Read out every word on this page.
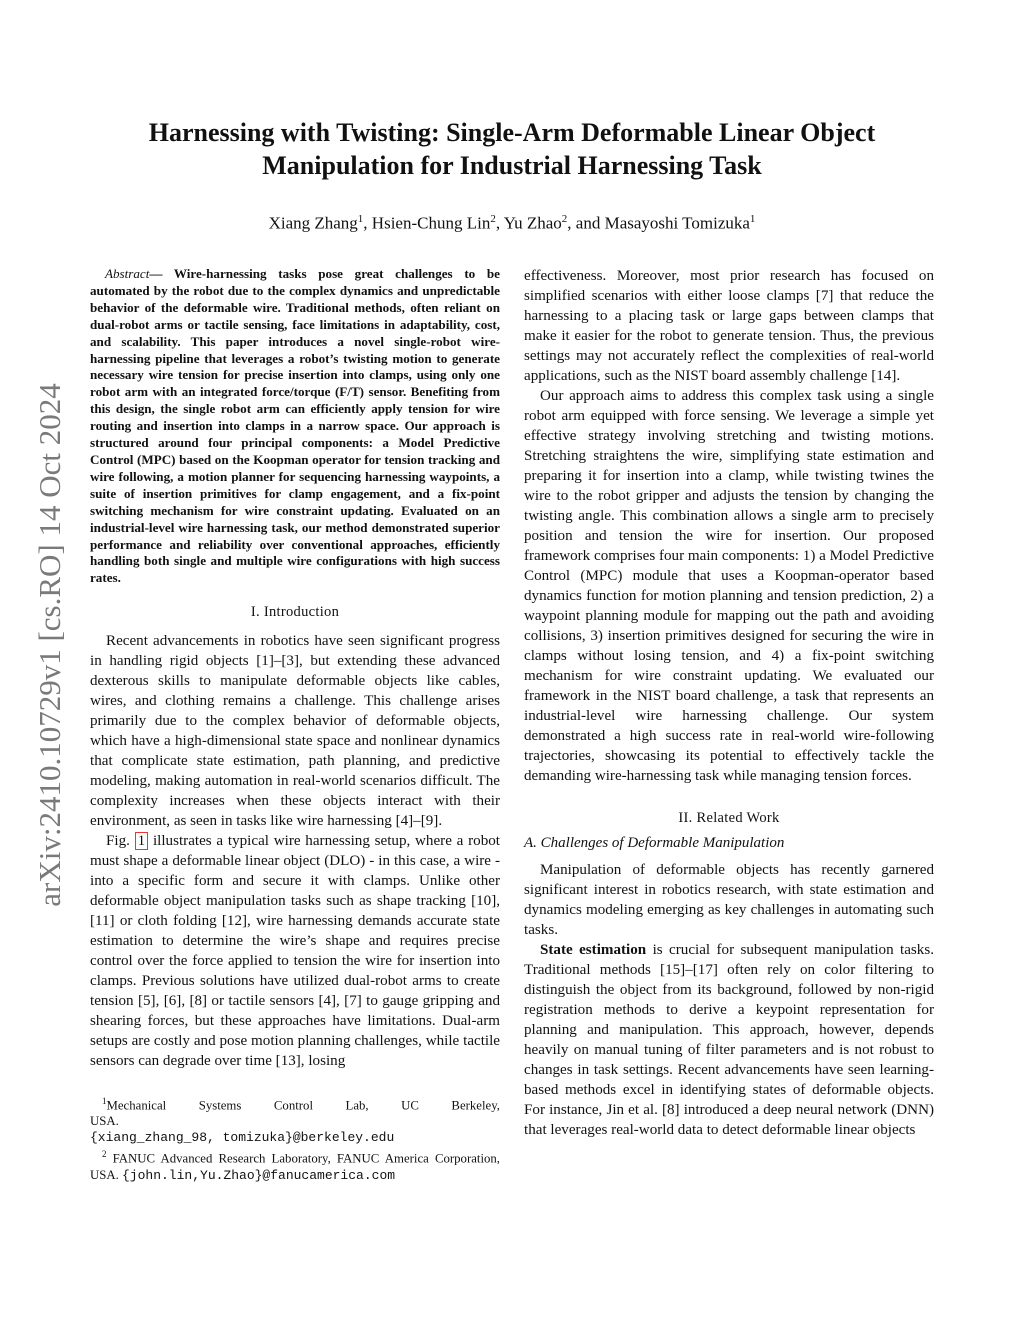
arXiv:2410.10729v1 [cs.RO] 14 Oct 2024
Harnessing with Twisting: Single-Arm Deformable Linear Object
Manipulation for Industrial Harnessing Task
Xiang Zhang$^1$, Hsien-Chung Lin$^2$, Yu Zhao$^2$, and Masayoshi Tomizuka$^1$

Abstract— Wire-harnessing tasks pose great challenges to be automated by the robot due to the complex dynamics and unpredictable behavior of the deformable wire. Traditional methods, often reliant on dual-robot arms or tactile sensing, face limitations in adaptability, cost, and scalability. This paper introduces a novel single-robot wire-harnessing pipeline that leverages a robot’s twisting motion to generate necessary wire tension for precise insertion into clamps, using only one robot arm with an integrated force/torque (F/T) sensor. Benefiting from this design, the single robot arm can efficiently apply tension for wire routing and insertion into clamps in a narrow space. Our approach is structured around four principal components: a Model Predictive Control (MPC) based on the Koopman operator for tension tracking and wire following, a motion planner for sequencing harnessing waypoints, a suite of insertion primitives for clamp engagement, and a fix-point switching mechanism for wire constraint updating. Evaluated on an industrial-level wire harnessing task, our method demonstrated superior performance and reliability over conventional approaches, efficiently handling both single and multiple wire configurations with high success rates.

I. Introduction

Recent advancements in robotics have seen significant progress in handling rigid objects [1]–[3], but extending these advanced dexterous skills to manipulate deformable objects like cables, wires, and clothing remains a challenge. This challenge arises primarily due to the complex behavior of deformable objects, which have a high-dimensional state space and nonlinear dynamics that complicate state estimation, path planning, and predictive modeling, making automation in real-world scenarios difficult. The complexity increases when these objects interact with their environment, as seen in tasks like wire harnessing [4]–[9].

Fig. 1 illustrates a typical wire harnessing setup, where a robot must shape a deformable linear object (DLO) - in this case, a wire - into a specific form and secure it with clamps. Unlike other deformable object manipulation tasks such as shape tracking [10], [11] or cloth folding [12], wire harnessing demands accurate state estimation to determine the wire’s shape and requires precise control over the force applied to tension the wire for insertion into clamps. Previous solutions have utilized dual-robot arms to create tension [5], [6], [8] or tactile sensors [4], [7] to gauge gripping and shearing forces, but these approaches have limitations. Dual-arm setups are costly and pose motion planning challenges, while tactile sensors can degrade over time [13], losing

$^1$Mechanical Systems Control Lab, UC Berkeley, USA.
{xiang_zhang_98, tomizuka}@berkeley.edu

$^2$ FANUC Advanced Research Laboratory, FANUC America Corporation, USA. {john.lin,Yu.Zhao}@fanucamerica.com

effectiveness. Moreover, most prior research has focused on simplified scenarios with either loose clamps [7] that reduce the harnessing to a placing task or large gaps between clamps that make it easier for the robot to generate tension. Thus, the previous settings may not accurately reflect the complexities of real-world applications, such as the NIST board assembly challenge [14].

Our approach aims to address this complex task using a single robot arm equipped with force sensing. We leverage a simple yet effective strategy involving stretching and twisting motions. Stretching straightens the wire, simplifying state estimation and preparing it for insertion into a clamp, while twisting twines the wire to the robot gripper and adjusts the tension by changing the twisting angle. This combination allows a single arm to precisely position and tension the wire for insertion. Our proposed framework comprises four main components: 1) a Model Predictive Control (MPC) module that uses a Koopman-operator based dynamics function for motion planning and tension prediction, 2) a waypoint planning module for mapping out the path and avoiding collisions, 3) insertion primitives designed for securing the wire in clamps without losing tension, and 4) a fix-point switching mechanism for wire constraint updating. We evaluated our framework in the NIST board challenge, a task that represents an industrial-level wire harnessing challenge. Our system demonstrated a high success rate in real-world wire-following trajectories, showcasing its potential to effectively tackle the demanding wire-harnessing task while managing tension forces.

II. Related Work

A. Challenges of Deformable Manipulation

Manipulation of deformable objects has recently garnered significant interest in robotics research, with state estimation and dynamics modeling emerging as key challenges in automating such tasks.

State estimation is crucial for subsequent manipulation tasks. Traditional methods [15]–[17] often rely on color filtering to distinguish the object from its background, followed by non-rigid registration methods to derive a keypoint representation for planning and manipulation. This approach, however, depends heavily on manual tuning of filter parameters and is not robust to changes in task settings. Recent advancements have seen learning-based methods excel in identifying states of deformable objects. For instance, Jin et al. [8] introduced a deep neural network (DNN) that leverages real-world data to detect deformable linear objects
